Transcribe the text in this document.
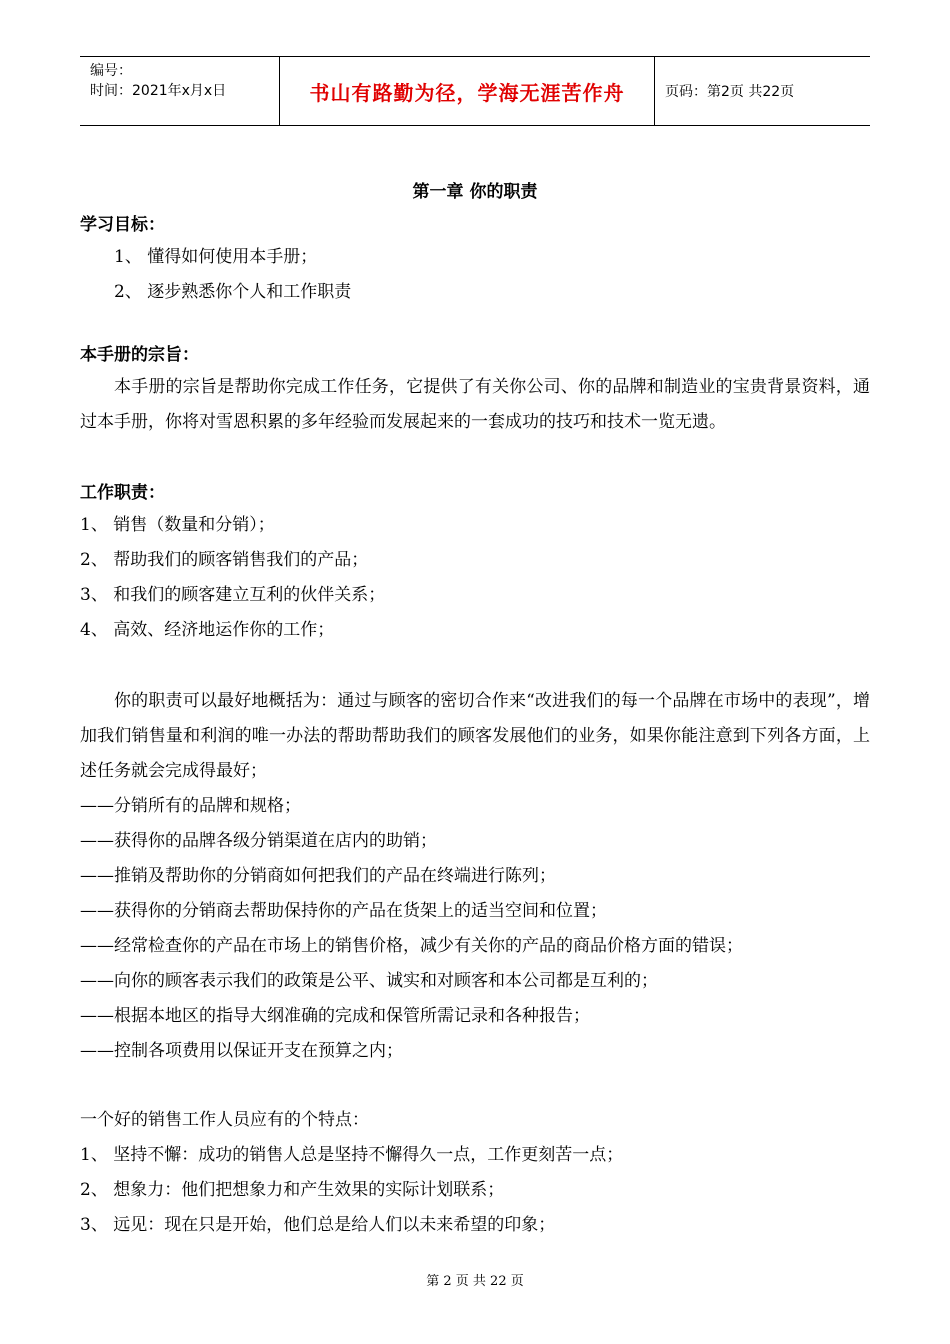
编号：
时间：2021年x月x日	书山有路勤为径，学海无涯苦作舟	页码：第2页 共22页
第一章 你的职责
学习目标：
1、 懂得如何使用本手册；
2、 逐步熟悉你个人和工作职责
本手册的宗旨：

本手册的宗旨是帮助你完成工作任务，它提供了有关你公司、你的品牌和制造业的宝贵背景资料，通过本手册，你将对雪恩积累的多年经验而发展起来的一套成功的技巧和技术一览无遗。

工作职责：
1、 销售（数量和分销）；
2、 帮助我们的顾客销售我们的产品；
3、 和我们的顾客建立互利的伙伴关系；
4、 高效、经济地运作你的工作；

你的职责可以最好地概括为：通过与顾客的密切合作来“改进我们的每一个品牌在市场中的表现”，增加我们销售量和利润的唯一办法的帮助帮助我们的顾客发展他们的业务，如果你能注意到下列各方面，上述任务就会完成得最好；

——分销所有的品牌和规格；
——获得你的品牌各级分销渠道在店内的助销；
——推销及帮助你的分销商如何把我们的产品在终端进行陈列；
——获得你的分销商去帮助保持你的产品在货架上的适当空间和位置；
——经常检查你的产品在市场上的销售价格，减少有关你的产品的商品价格方面的错误；
——向你的顾客表示我们的政策是公平、诚实和对顾客和本公司都是互利的；
——根据本地区的指导大纲准确的完成和保管所需记录和各种报告；
——控制各项费用以保证开支在预算之内；
一个好的销售工作人员应有的个特点：
1、 坚持不懈：成功的销售人总是坚持不懈得久一点，工作更刻苦一点；
2、 想象力：他们把想象力和产生效果的实际计划联系；
3、 远见：现在只是开始，他们总是给人们以未来希望的印象；
第 2 页 共 22 页
